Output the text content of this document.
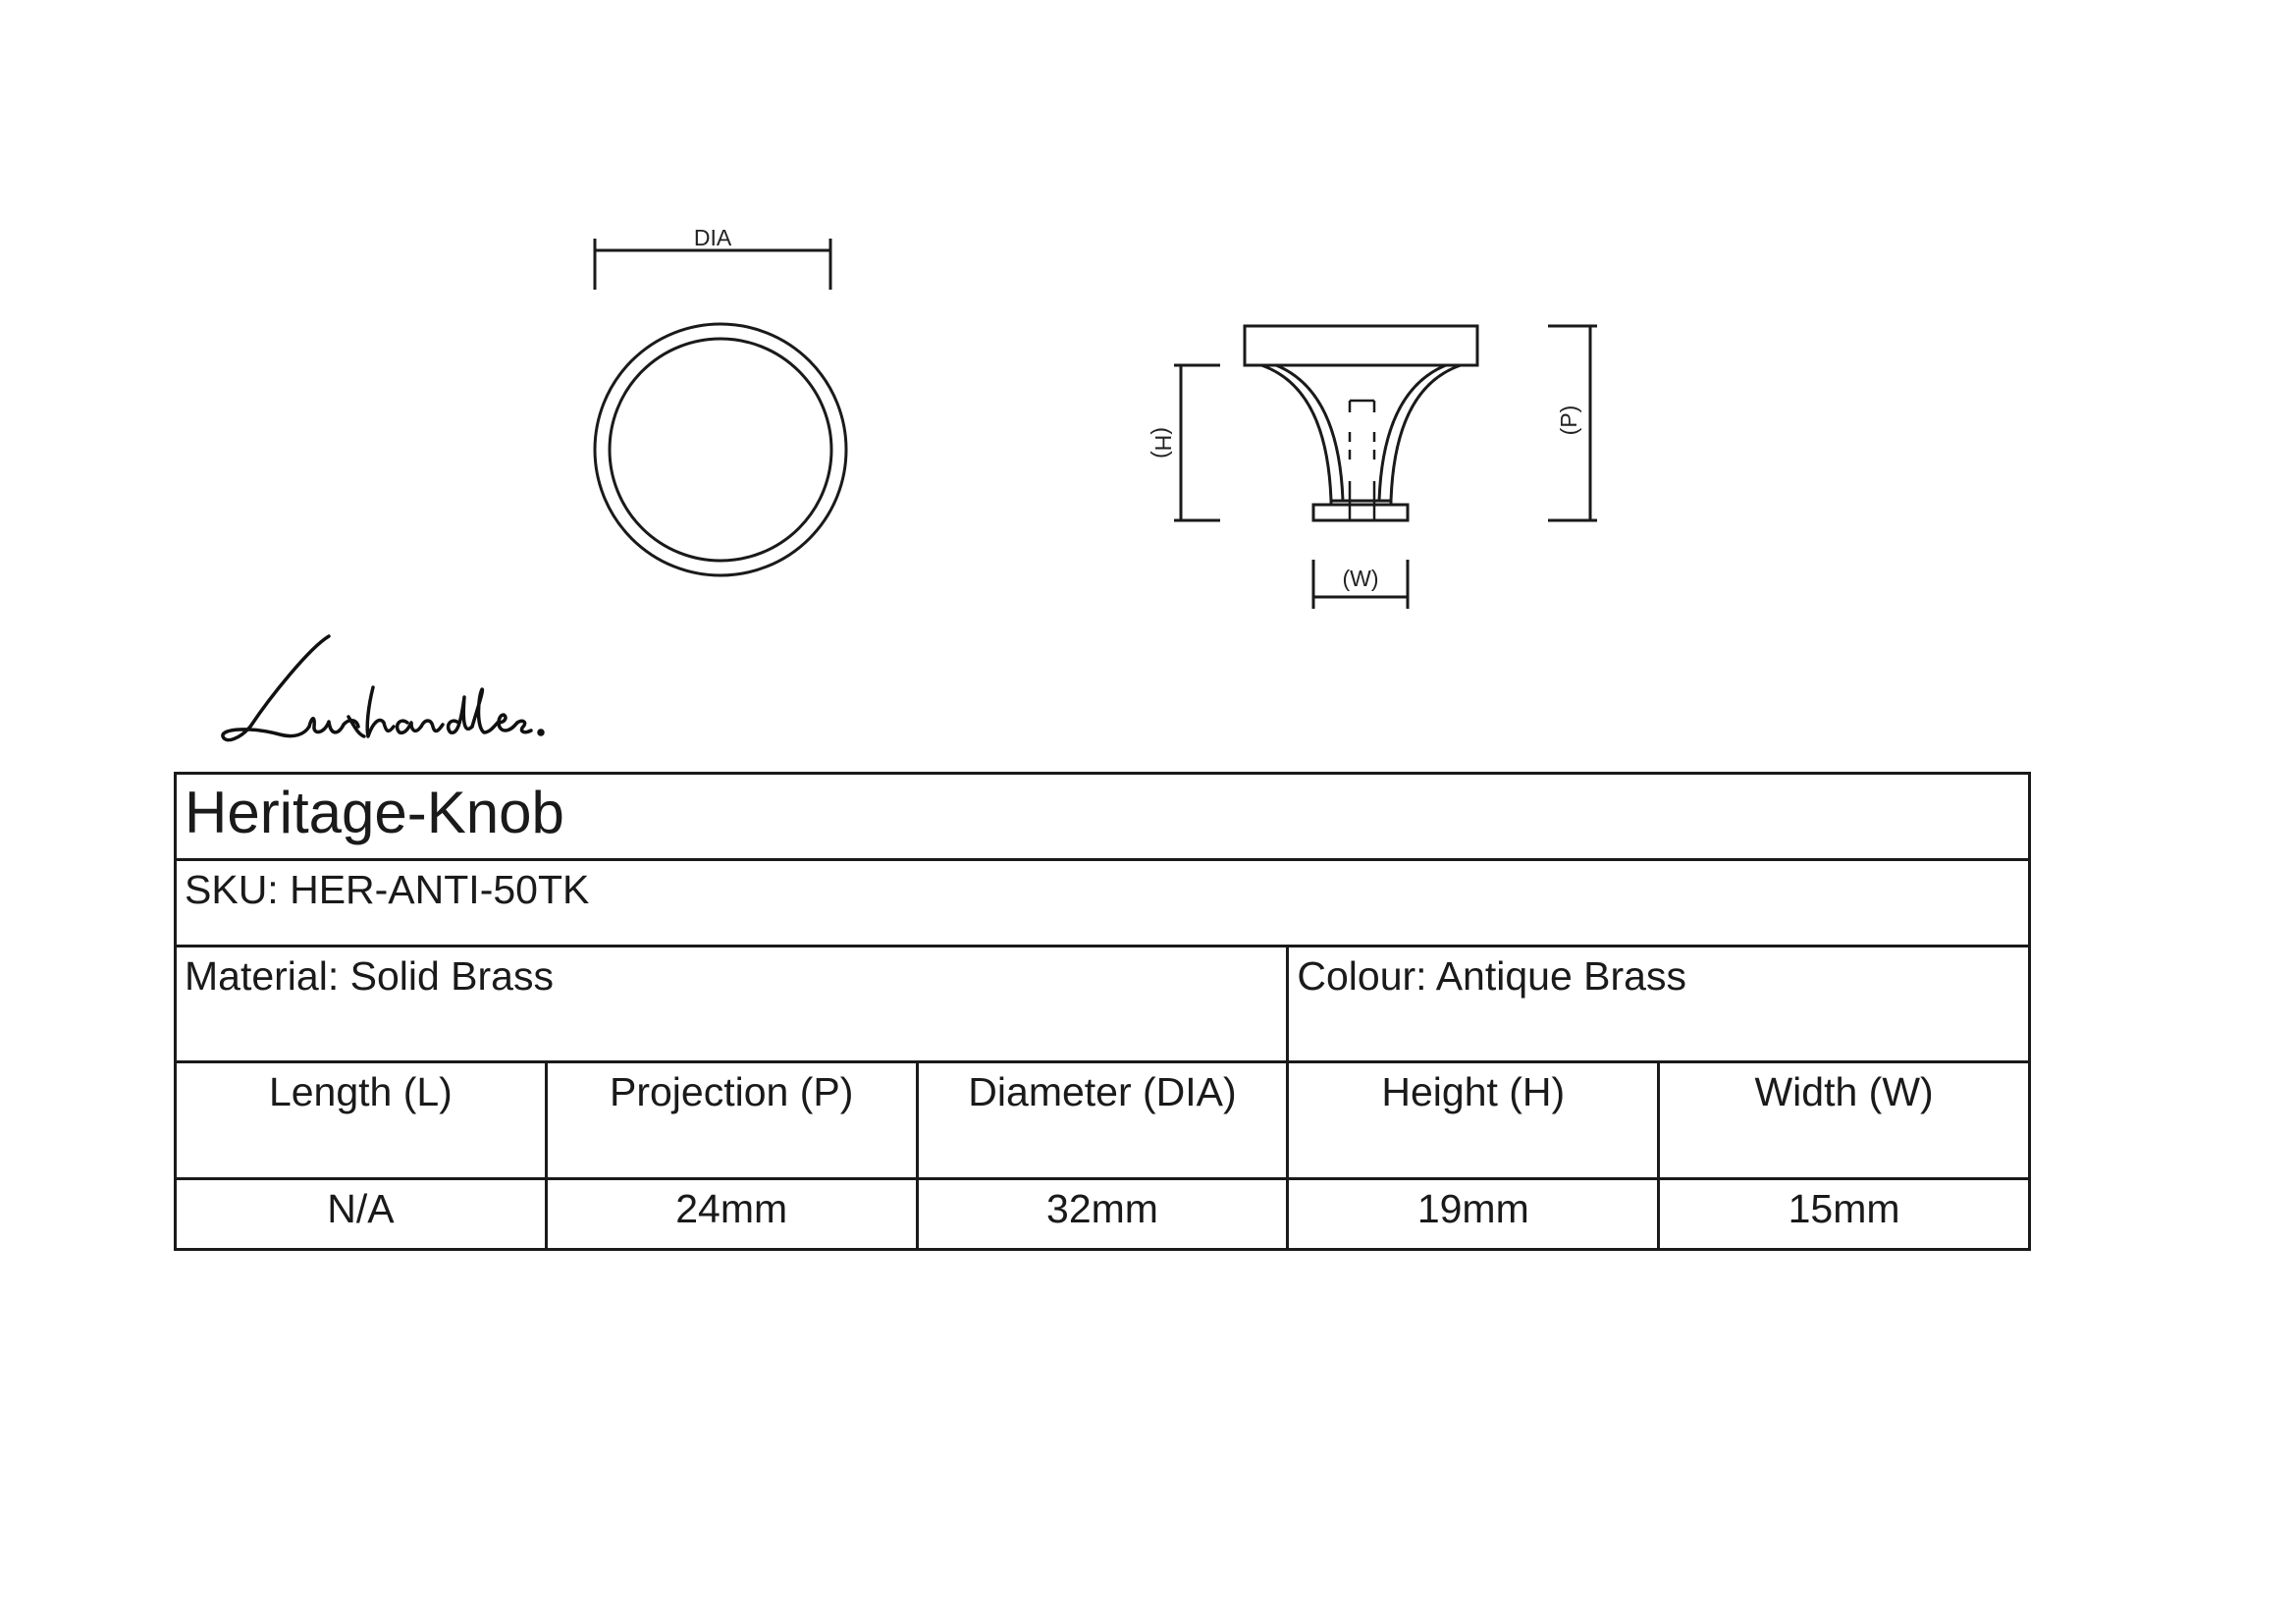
DIA
(H)
(P)
(W)
Heritage-Knob				
SKU: HER-ANTI-50TK				
Material: Solid Brass			Colour: Antique Brass	
Length (L)	Projection (P)	Diameter (DIA)	Height (H)	Width (W)
N/A	24mm	32mm	19mm	15mm
